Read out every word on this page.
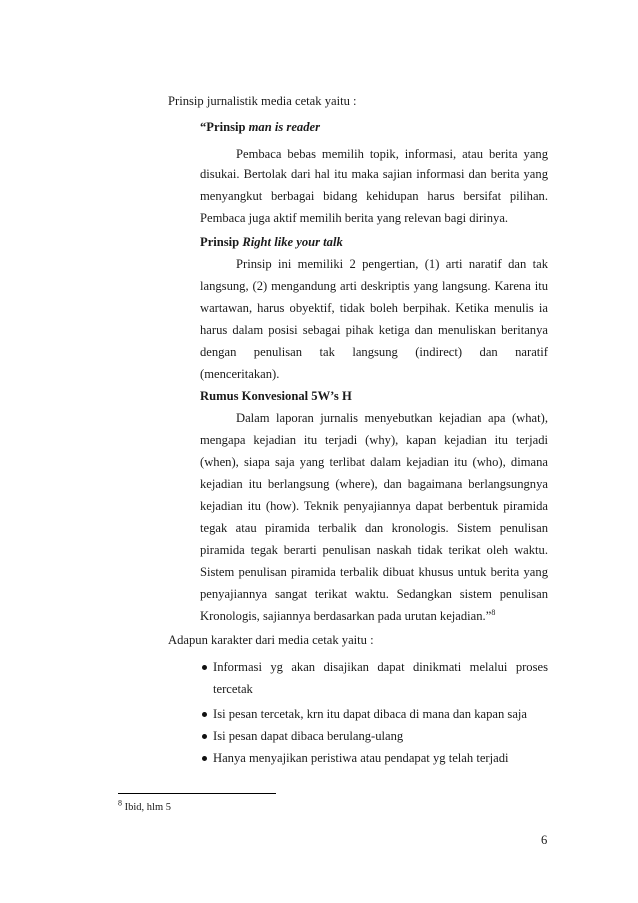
Prinsip jurnalistik media cetak yaitu :
“Prinsip man is reader
Pembaca bebas memilih topik, informasi, atau berita yang
disukai. Bertolak dari hal itu maka sajian informasi dan berita yang
menyangkut berbagai bidang kehidupan harus bersifat pilihan.
Pembaca juga aktif memilih berita yang relevan bagi dirinya.
Prinsip Right like your talk
Prinsip ini memiliki 2 pengertian, (1) arti naratif dan tak
langsung, (2) mengandung arti deskriptis yang langsung. Karena itu
wartawan, harus obyektif, tidak boleh berpihak. Ketika menulis ia
harus dalam posisi sebagai pihak ketiga dan menuliskan beritanya
dengan penulisan tak langsung (indirect) dan naratif
(menceritakan).
Rumus Konvesional 5W’s H
Dalam laporan jurnalis menyebutkan kejadian apa (what),
mengapa kejadian itu terjadi (why), kapan kejadian itu terjadi
(when), siapa saja yang terlibat dalam kejadian itu (who), dimana
kejadian itu berlangsung (where), dan bagaimana berlangsungnya
kejadian itu (how). Teknik penyajiannya dapat berbentuk piramida
tegak atau piramida terbalik dan kronologis. Sistem penulisan
piramida tegak berarti penulisan naskah tidak terikat oleh waktu.
Sistem penulisan piramida terbalik dibuat khusus untuk berita yang
penyajiannya sangat terikat waktu. Sedangkan sistem penulisan
Kronologis, sajiannya berdasarkan pada urutan kejadian.”$^8$
Adapun karakter dari media cetak yaitu :
Informasi yg akan disajikan dapat dinikmati melalui proses
tercetak
Isi pesan tercetak, krn itu dapat dibaca di mana dan kapan saja
Isi pesan dapat dibaca berulang-ulang
Hanya menyajikan peristiwa atau pendapat yg telah terjadi
$^8$ Ibid, hlm 5
6
